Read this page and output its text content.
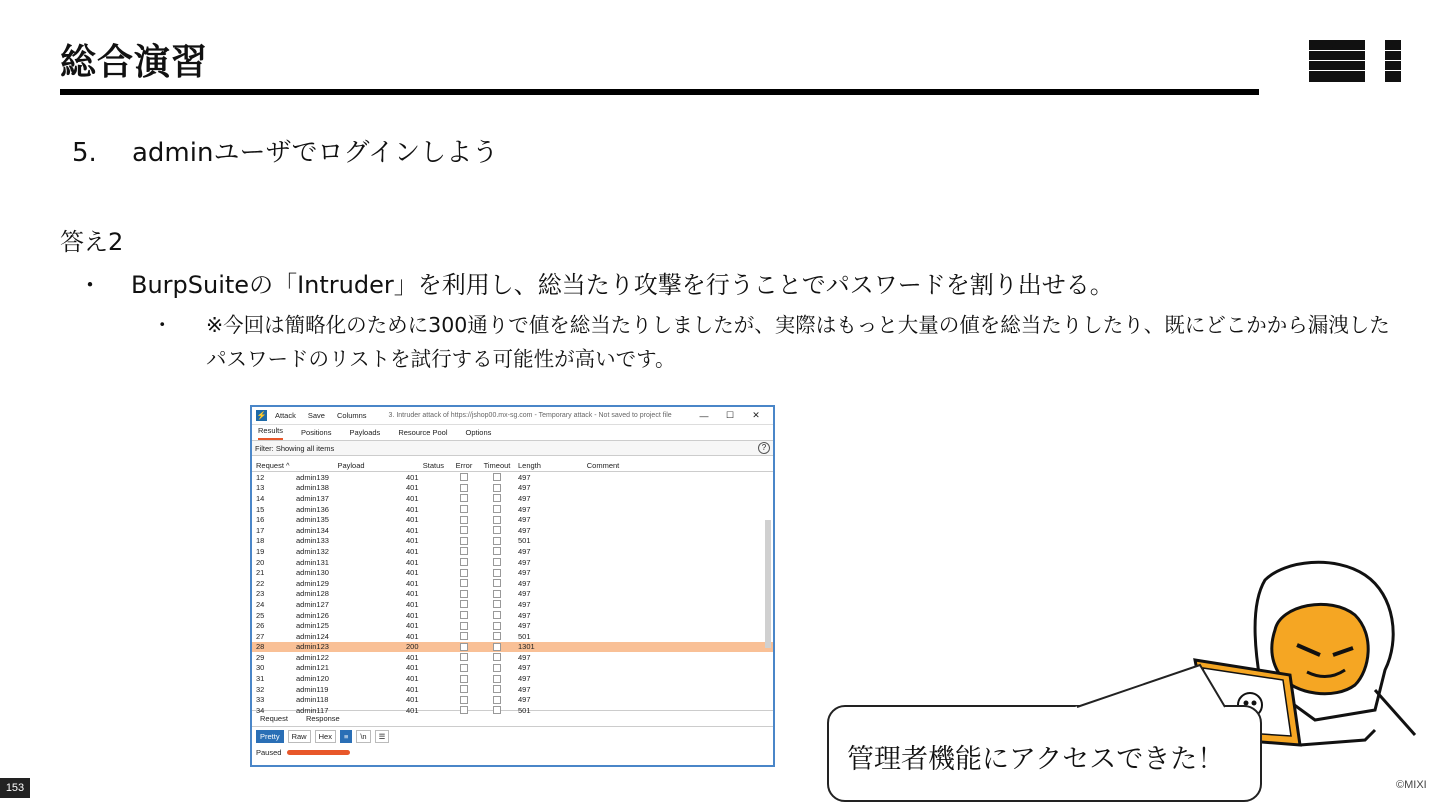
総合演習
5. adminユーザでログインしよう
答え2
・ BurpSuiteの「Intruder」を利用し、総当たり攻撃を行うことでパスワードを割り出せる。
・ ※今回は簡略化のために300通りで値を総当たりしましたが、実際はもっと大量の値を総当たりしたり、既にどこかから漏洩したパスワードのリストを試行する可能性が高いです。
⚡ Attack Save Columns	3. Intruder attack of https://jshop00.mx-sg.com - Temporary attack - Not saved to project file	—	☐	✕
Results Positions Payloads Resource Pool Options
Filter: Showing all items	?
Request ^	Payload	Status	Error	Timeout	Length	Comment
12	admin139	401	497
13	admin138	401	497
14	admin137	401	497
15	admin136	401	497
16	admin135	401	497
17	admin134	401	497
18	admin133	401	501
19	admin132	401	497
20	admin131	401	497
21	admin130	401	497
22	admin129	401	497
23	admin128	401	497
24	admin127	401	497
25	admin126	401	497
26	admin125	401	497
27	admin124	401	501
28	admin123	200	1301
29	admin122	401	497
30	admin121	401	497
31	admin120	401	497
32	admin119	401	497
33	admin118	401	497
34	admin117	401	501
Request Response
Pretty	Raw	Hex	≡	\n	☰
Paused	管理者機能にアクセスできた！
153	©MIXI
